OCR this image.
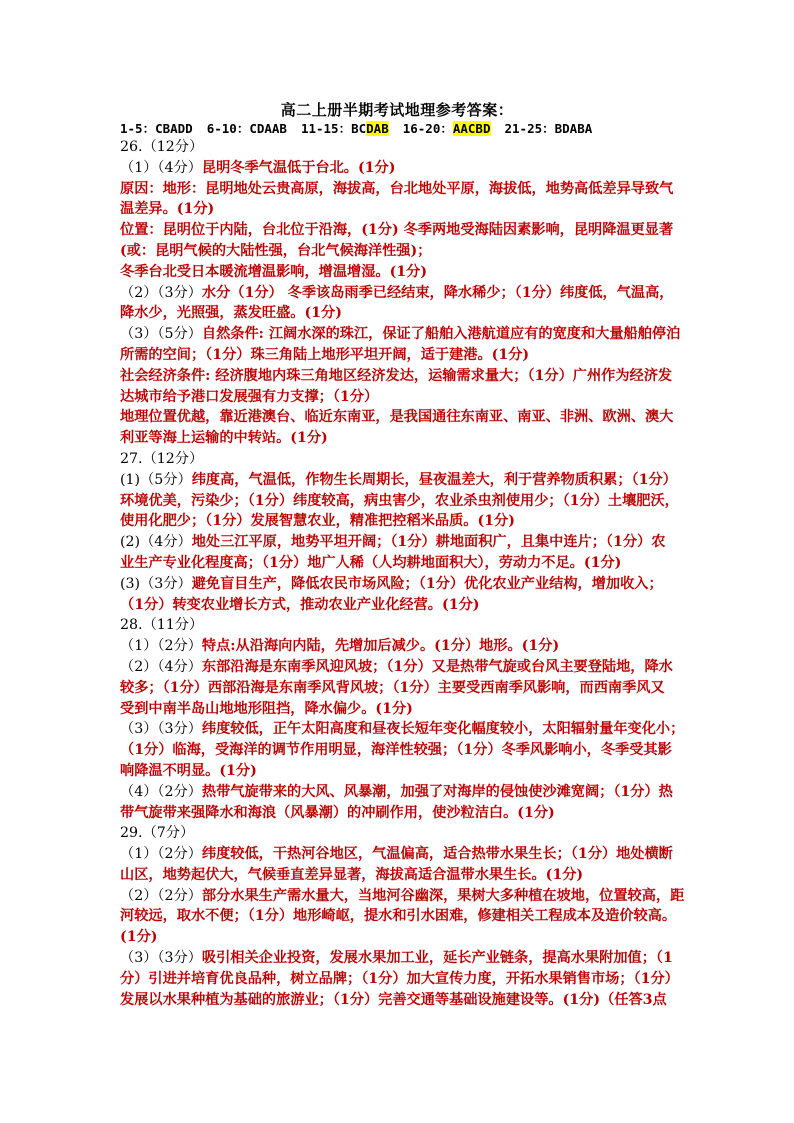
高二上册半期考试地理参考答案：
1-5：CBADD 6-10：CDAAB 11-15：BCDAB 16-20：AACBD 21-25：BDABA
26.（12分）
（1）（4分）昆明冬季气温低于台北。(1分)
原因：地形：昆明地处云贵高原，海拔高，台北地处平原，海拔低，地势高低差异导致气
温差异。(1分)
位置：昆明位于内陆，台北位于沿海，(1分) 冬季两地受海陆因素影响，昆明降温更显著
(或：昆明气候的大陆性强，台北气候海洋性强)；
冬季台北受日本暖流增温影响，增温增湿。(1分)
（2）（3分）水分（1分） 冬季该岛雨季已经结束，降水稀少；（1分）纬度低，气温高，
降水少，光照强，蒸发旺盛。(1分)
（3）（5分）自然条件: 江阔水深的珠江，保证了船舶入港航道应有的宽度和大量船舶停泊
所需的空间；（1分）珠三角陆上地形平坦开阔，适于建港。(1分)
社会经济条件: 经济腹地内珠三角地区经济发达，运输需求量大；（1分）广州作为经济发
达城市给予港口发展强有力支撑；（1分）
地理位置优越，靠近港澳台、临近东南亚，是我国通往东南亚、南亚、非洲、欧洲、澳大
利亚等海上运输的中转站。(1分)
27.（12分）
(1)（5分）纬度高，气温低，作物生长周期长，昼夜温差大，利于营养物质积累；（1分）
环境优美，污染少；（1分）纬度较高，病虫害少，农业杀虫剂使用少；（1分）土壤肥沃，
使用化肥少；（1分）发展智慧农业，精准把控稻米品质。(1分)
(2)（4分）地处三江平原，地势平坦开阔；（1分）耕地面积广，且集中连片；（1分）农
业生产专业化程度高；（1分）地广人稀（人均耕地面积大），劳动力不足。(1分)
(3)（3分）避免盲目生产，降低农民市场风险；（1分）优化农业产业结构，增加收入；
（1分）转变农业增长方式，推动农业产业化经营。(1分)
28.（11分）
（1）（2分）特点:从沿海向内陆，先增加后减少。(1分）地形。(1分)
（2）（4分）东部沿海是东南季风迎风坡；（1分）又是热带气旋或台风主要登陆地，降水
较多；（1分）西部沿海是东南季风背风坡；（1分）主要受西南季风影响，而西南季风又
受到中南半岛山地地形阻挡，降水偏少。(1分)
（3）（3分）纬度较低，正午太阳高度和昼夜长短年变化幅度较小，太阳辐射量年变化小；
（1分）临海，受海洋的调节作用明显，海洋性较强；（1分）冬季风影响小，冬季受其影
响降温不明显。(1分)
（4）（2分）热带气旋带来的大风、风暴潮，加强了对海岸的侵蚀使沙滩宽阔；（1分）热
带气旋带来强降水和海浪（风暴潮）的冲刷作用，使沙粒洁白。(1分)
29.（7分）
（1）（2分）纬度较低，干热河谷地区，气温偏高，适合热带水果生长；（1分）地处横断
山区，地势起伏大，气候垂直差异显著，海拔高适合温带水果生长。(1分)
（2）（2分）部分水果生产需水量大，当地河谷幽深，果树大多种植在坡地，位置较高，距
河较远，取水不便；（1分）地形崎岖，提水和引水困难，修建相关工程成本及造价较高。
(1分)
（3）（3分）吸引相关企业投资，发展水果加工业，延长产业链条，提高水果附加值；（1
分）引进并培育优良品种，树立品牌；（1分）加大宣传力度，开拓水果销售市场；（1分）
发展以水果种植为基础的旅游业；（1分）完善交通等基础设施建设等。(1分)（任答3点
